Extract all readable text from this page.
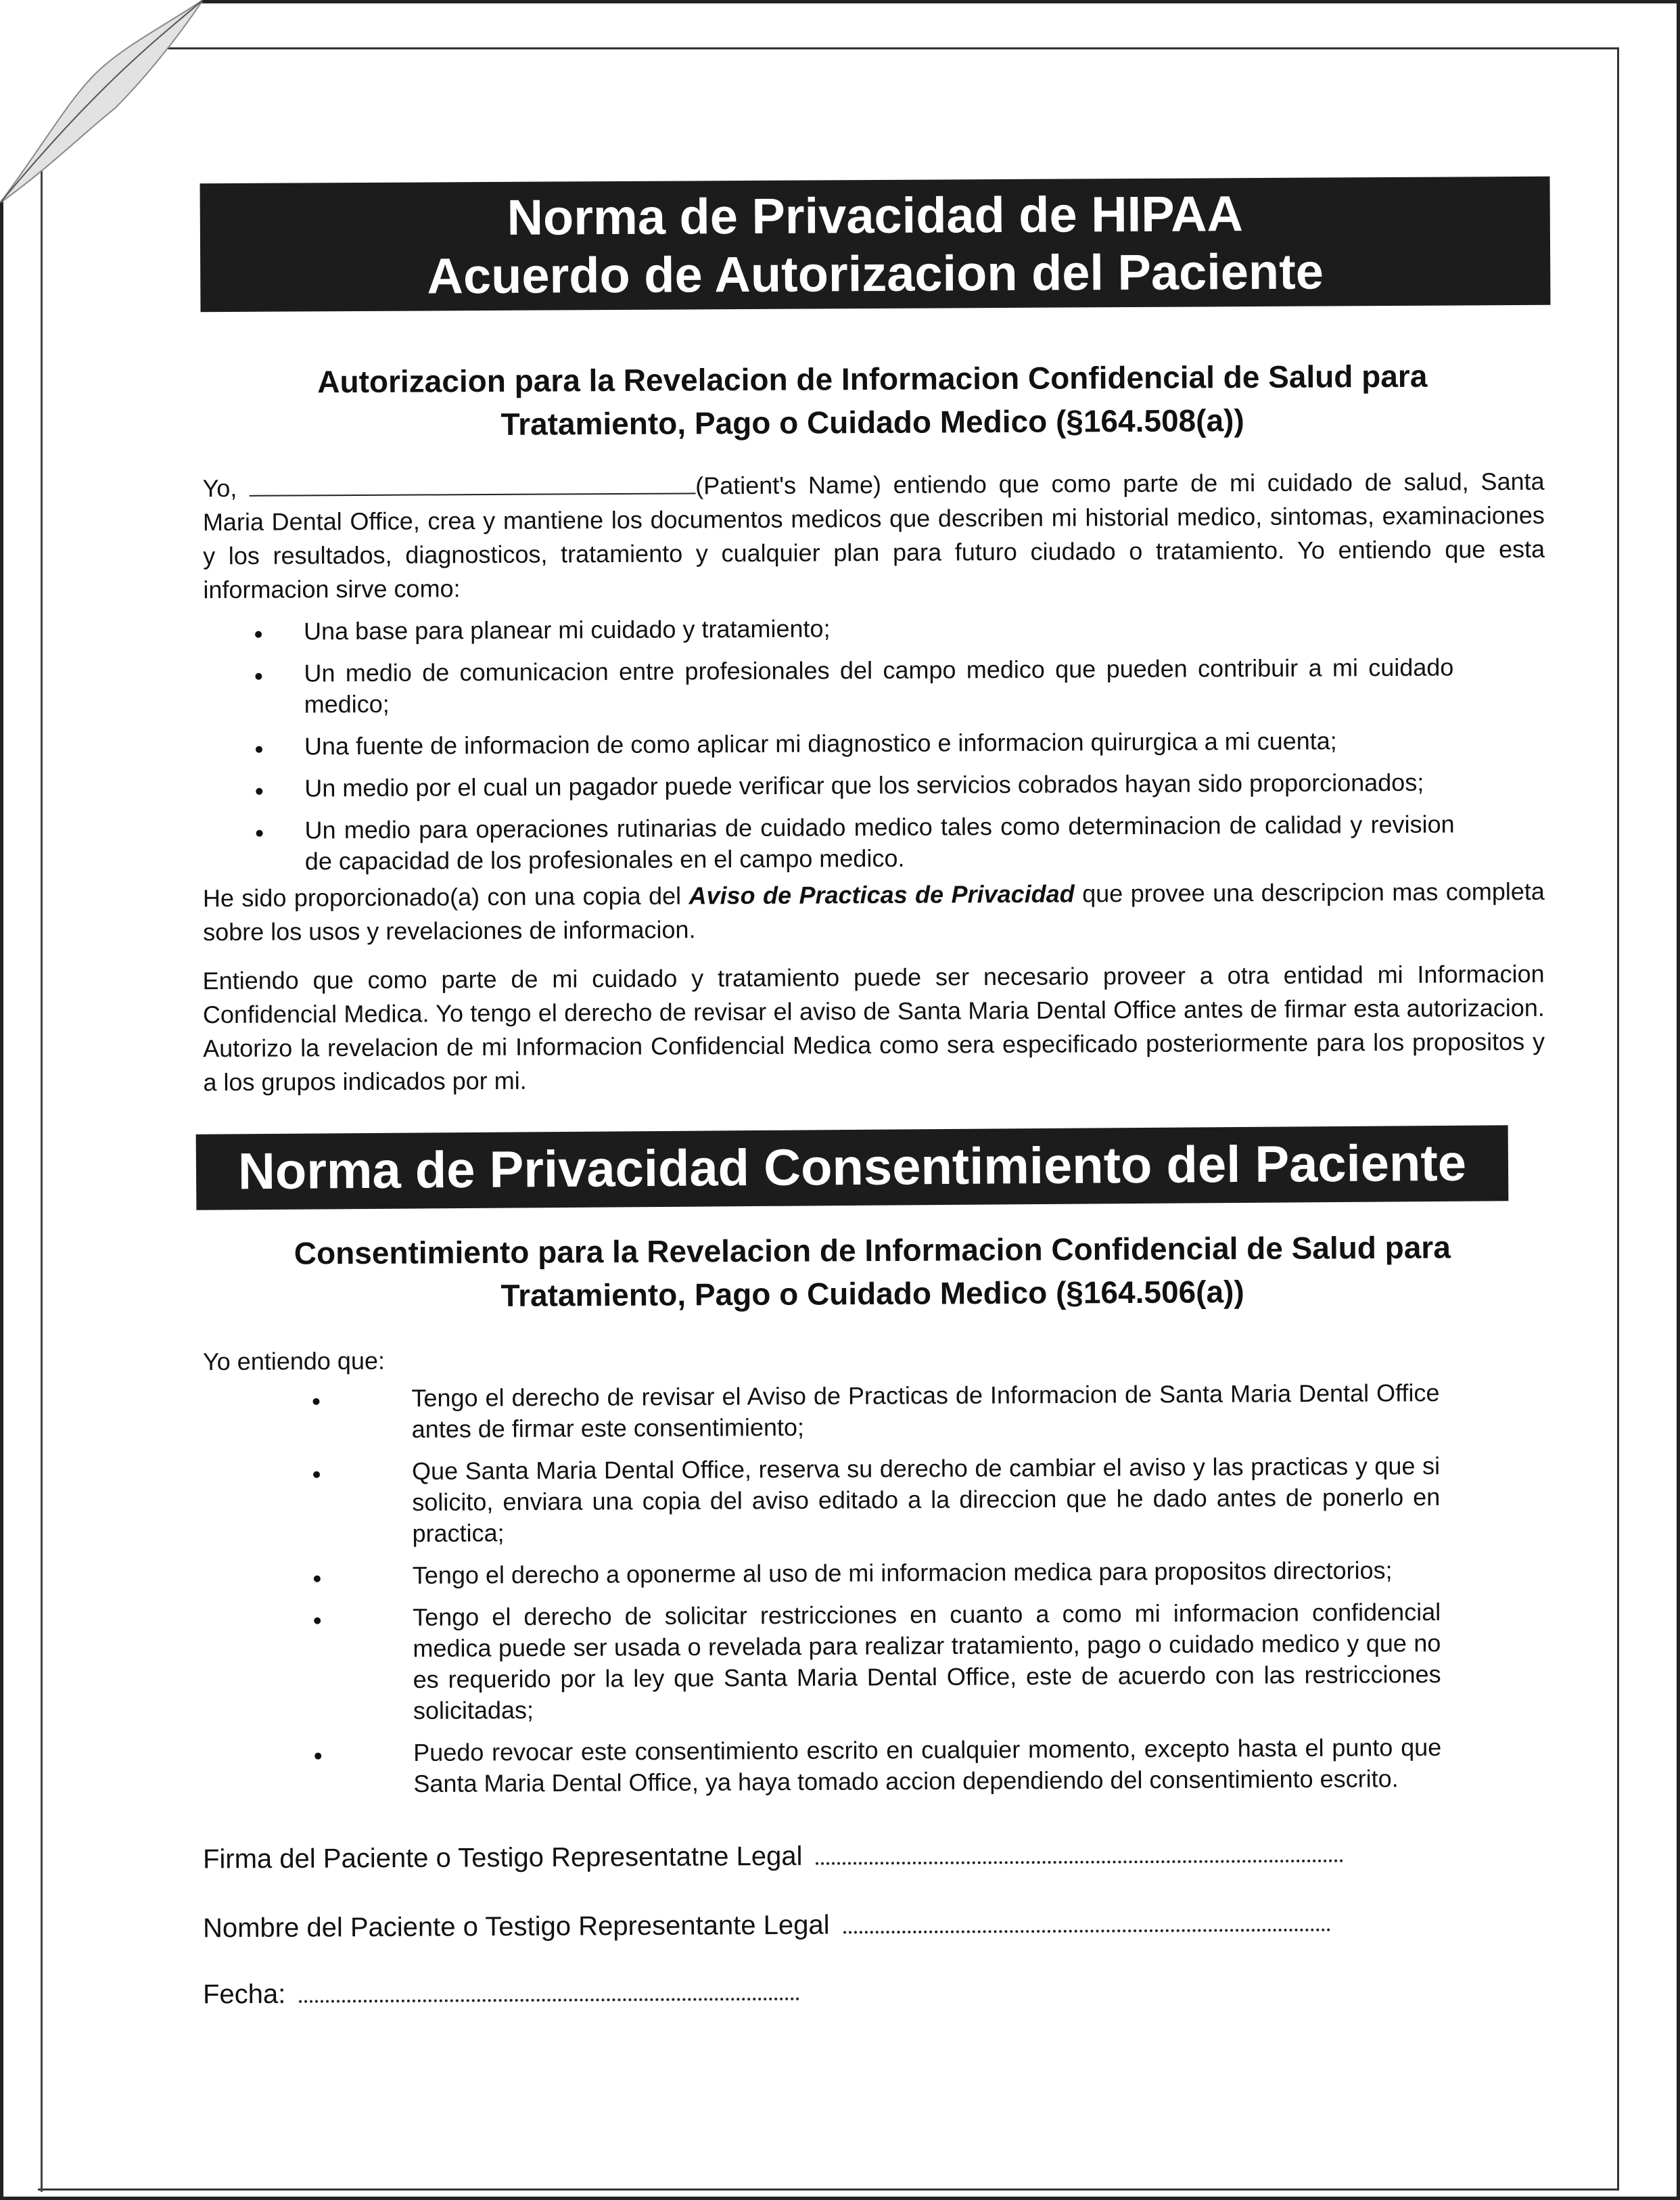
Norma de Privacidad de HIPAA
Acuerdo de Autorizacion del Paciente
Autorizacion para la Revelacion de Informacion Confidencial de Salud para
Tratamiento, Pago o Cuidado Medico (§164.508(a))

Yo,	(Patient's Name) entiendo que como parte de mi cuidado de salud, Santa Maria Dental Office, crea y mantiene los documentos medicos que describen mi historial medico, sintomas, examinaciones y los resultados, diagnosticos, tratamiento y cualquier plan para futuro ciudado o tratamiento. Yo entiendo que esta informacion sirve como:

Una base para planear mi cuidado y tratamiento;
Un medio de comunicacion entre profesionales del campo medico que pueden contribuir a mi cuidado medico;
Una fuente de informacion de como aplicar mi diagnostico e informacion quirurgica a mi cuenta;
Un medio por el cual un pagador puede verificar que los servicios cobrados hayan sido proporcionados;
Un medio para operaciones rutinarias de cuidado medico tales como determinacion de calidad y revision de capacidad de los profesionales en el campo medico.

He sido proporcionado(a) con una copia del Aviso de Practicas de Privacidad que provee una descripcion mas completa sobre los usos y revelaciones de informacion.

Entiendo que como parte de mi cuidado y tratamiento puede ser necesario proveer a otra entidad mi Informacion Confidencial Medica. Yo tengo el derecho de revisar el aviso de Santa Maria Dental Office antes de firmar esta autorizacion. Autorizo la revelacion de mi Informacion Confidencial Medica como sera especificado posteriormente para los propositos y a los grupos indicados por mi.

Norma de Privacidad Consentimiento del Paciente
Consentimiento para la Revelacion de Informacion Confidencial de Salud para
Tratamiento, Pago o Cuidado Medico (§164.506(a))

Yo entiendo que:

Tengo el derecho de revisar el Aviso de Practicas de Informacion de Santa Maria Dental Office antes de firmar este consentimiento;
Que Santa Maria Dental Office, reserva su derecho de cambiar el aviso y las practicas y que si solicito, enviara una copia del aviso editado a la direccion que he dado antes de ponerlo en practica;
Tengo el derecho a oponerme al uso de mi informacion medica para propositos directorios;
Tengo el derecho de solicitar restricciones en cuanto a como mi informacion confidencial medica puede ser usada o revelada para realizar tratamiento, pago o cuidado medico y que no es requerido por la ley que Santa Maria Dental Office, este de acuerdo con las restricciones solicitadas;
Puedo revocar este consentimiento escrito en cualquier momento, excepto hasta el punto que Santa Maria Dental Office, ya haya tomado accion dependiendo del consentimiento escrito.
Firma del Paciente o Testigo Representatne Legal
Nombre del Paciente o Testigo Representante Legal
Fecha:
